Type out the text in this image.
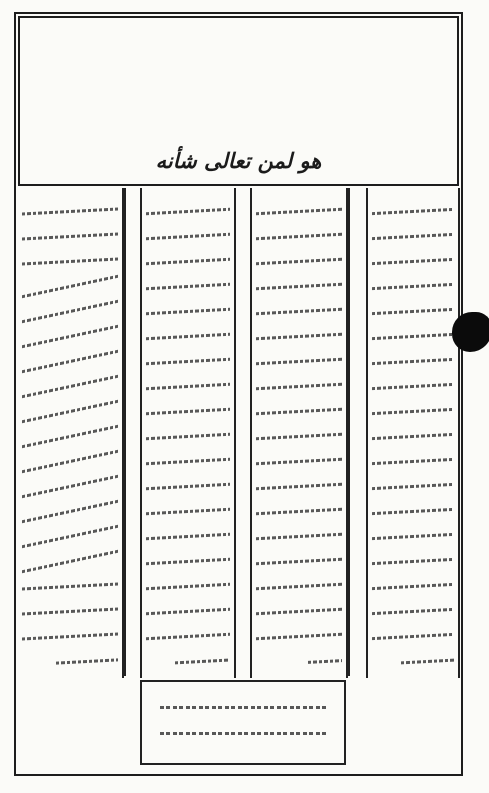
هو لمن تعالى شأنه
